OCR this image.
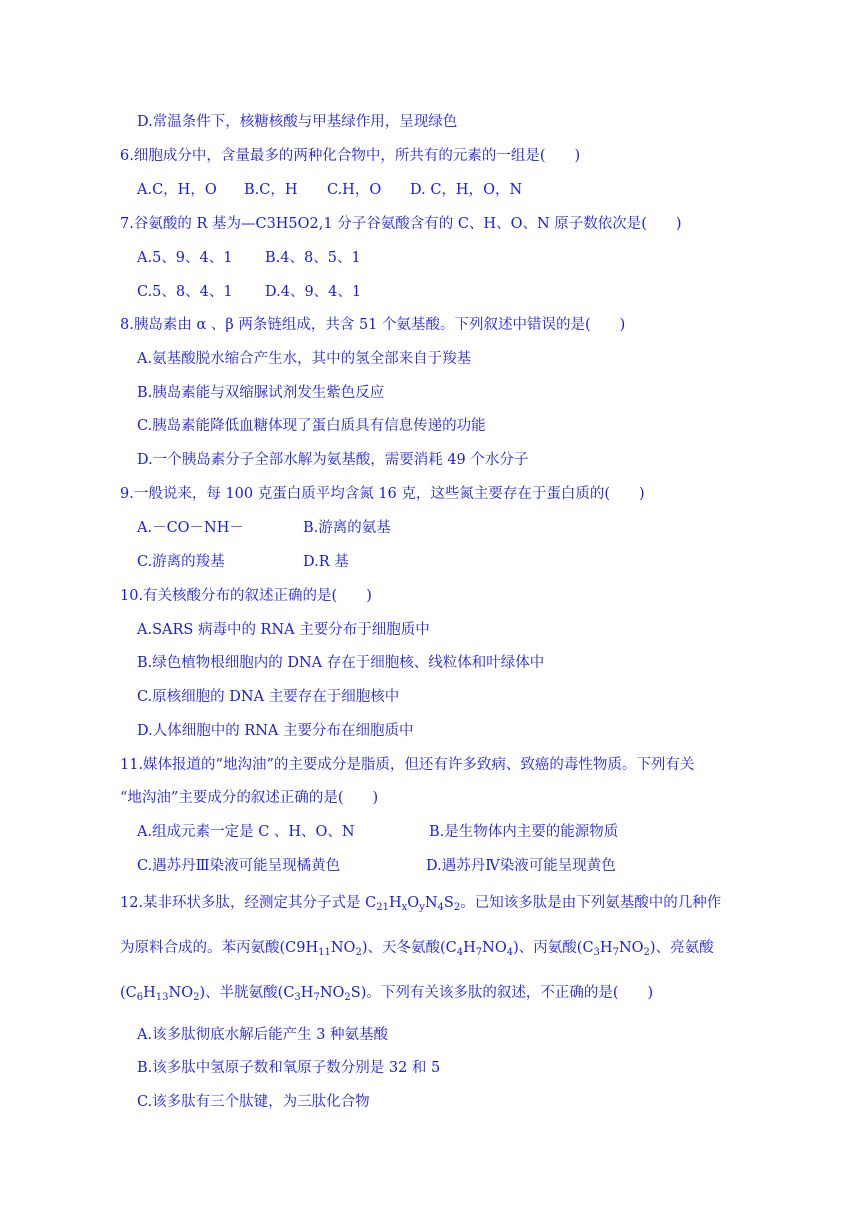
D.常温条件下，核糖核酸与甲基绿作用，呈现绿色
6.细胞成分中，含量最多的两种化合物中，所共有的元素的一组是(　　)
A.C，H，O B.C，H C.H，O D. C，H，O，N
7.谷氨酸的 R 基为—C3H5O2,1 分子谷氨酸含有的 C、H、O、N 原子数依次是(　　)
A.5、9、4、1 B.4、8、5、1
C.5、8、4、1 D.4、9、4、1
8.胰岛素由 α 、β 两条链组成，共含 51 个氨基酸。下列叙述中错误的是(　　)
A.氨基酸脱水缩合产生水，其中的氢全部来自于羧基
B.胰岛素能与双缩脲试剂发生紫色反应
C.胰岛素能降低血糖体现了蛋白质具有信息传递的功能
D.一个胰岛素分子全部水解为氨基酸，需要消耗 49 个水分子
9.一般说来，每 100 克蛋白质平均含氮 16 克，这些氮主要存在于蛋白质的(　　)
A.－CO－NH－	B.游离的氨基
C.游离的羧基	D.R 基
10.有关核酸分布的叙述正确的是(　　)
A.SARS 病毒中的 RNA 主要分布于细胞质中
B.绿色植物根细胞内的 DNA 存在于细胞核、线粒体和叶绿体中
C.原核细胞的 DNA 主要存在于细胞核中
D.人体细胞中的 RNA 主要分布在细胞质中
11.媒体报道的“地沟油”的主要成分是脂质，但还有许多致病、致癌的毒性物质。下列有关
“地沟油”主要成分的叙述正确的是(　　)
A.组成元素一定是 C 、H、O、N	B.是生物体内主要的能源物质
C.遇苏丹Ⅲ染液可能呈现橘黄色	D.遇苏丹Ⅳ染液可能呈现黄色
12.某非环状多肽，经测定其分子式是 $C_{21}H_xO_yN_4S_2$。已知该多肽是由下列氨基酸中的几种作
为原料合成的。苯丙氨酸$(C9H_{11}NO_2)$、天冬氨酸$(C_4H_7NO_4)$、丙氨酸$(C_3H_7NO_2)$、亮氨酸
$(C_6H_{13}NO_2)$、半胱氨酸$(C_3H_7NO_2S)$。下列有关该多肽的叙述，不正确的是(　　)
A.该多肽彻底水解后能产生 3 种氨基酸
B.该多肽中氢原子数和氧原子数分别是 32 和 5
C.该多肽有三个肽键，为三肽化合物
